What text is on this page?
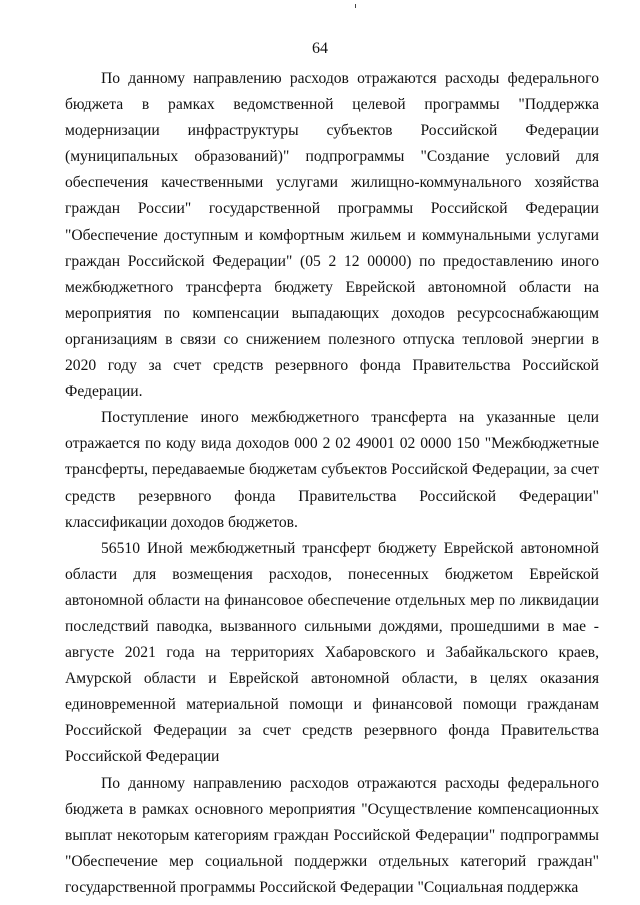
64

По данному направлению расходов отражаются расходы федерального бюджета в рамках ведомственной целевой программы "Поддержка модернизации инфраструктуры субъектов Российской Федерации (муниципальных образований)" подпрограммы "Создание условий для обеспечения качественными услугами жилищно-коммунального хозяйства граждан России" государственной программы Российской Федерации "Обеспечение доступным и комфортным жильем и коммунальными услугами граждан Российской Федерации" (05 2 12 00000) по предоставлению иного межбюджетного трансферта бюджету Еврейской автономной области на мероприятия по компенсации выпадающих доходов ресурсоснабжающим организациям в связи со снижением полезного отпуска тепловой энергии в 2020 году за счет средств резервного фонда Правительства Российской Федерации.

Поступление иного межбюджетного трансферта на указанные цели отражается по коду вида доходов 000 2 02 49001 02 0000 150 "Межбюджетные трансферты, передаваемые бюджетам субъектов Российской Федерации, за счет средств резервного фонда Правительства Российской Федерации" классификации доходов бюджетов.

56510 Иной межбюджетный трансферт бюджету Еврейской автономной области для возмещения расходов, понесенных бюджетом Еврейской автономной области на финансовое обеспечение отдельных мер по ликвидации последствий паводка, вызванного сильными дождями, прошедшими в мае - августе 2021 года на территориях Хабаровского и Забайкальского краев, Амурской области и Еврейской автономной области, в целях оказания единовременной материальной помощи и финансовой помощи гражданам Российской Федерации за счет средств резервного фонда Правительства Российской Федерации

По данному направлению расходов отражаются расходы федерального бюджета в рамках основного мероприятия "Осуществление компенсационных выплат некоторым категориям граждан Российской Федерации" подпрограммы "Обеспечение мер социальной поддержки отдельных категорий граждан" государственной программы Российской Федерации "Социальная поддержка
